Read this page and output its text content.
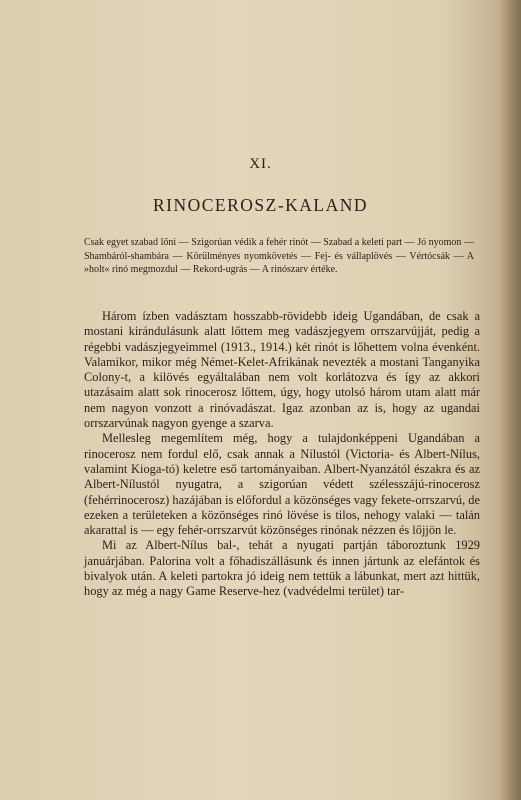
XI.
RINOCEROSZ-KALAND
Csak egyet szabad lőni — Szigorúan védik a fehér rinót — Szabad a keleti part — Jó nyomon — Shambáról-shambára — Körülményes nyomkövetés — Fej- és vállaplövés — Vértócsák — A »holt« rinó megmozdul — Rekord-ugrás — A rinószarv értéke.

Három ízben vadásztam hosszabb-rövidebb ideig Ugandában, de csak a mostani kirándulásunk alatt lőttem meg vadászjegyem orrszarvújját, pedig a régebbi vadászjegyeimmel (1913., 1914.) két rinót is lőhettem volna évenként. Valamikor, mikor még Német-Kelet-Afrikának nevezték a mostani Tanganyika Colony-t, a kilövés egyáltalában nem volt korlátozva és így az akkori utazásaim alatt sok rinocerosz lőttem, úgy, hogy utolsó három utam alatt már nem nagyon vonzott a rinóvadászat. Igaz azonban az is, hogy az ugandai orrszarvúnak nagyon gyenge a szarva.

Mellesleg megemlítem még, hogy a tulajdonképpeni Ugandában a rinocerosz nem fordul elő, csak annak a Nílustól (Victoria- és Albert-Nílus, valamint Kioga-tó) keletre eső tartományaiban. Albert-Nyanzától északra és az Albert-Nílustól nyugatra, a szigorúan védett szélesszájú-rinocerosz (fehérrinocerosz) hazájában is előfordul a közönséges vagy fekete-orrszarvú, de ezeken a területeken a közönséges rinó lövése is tilos, nehogy valaki — talán akarattal is — egy fehér-orrszarvút közönséges rinónak nézzen és lőjjön le.

Mi az Albert-Nílus bal-, tehát a nyugati partján táboroztunk 1929 januárjában. Palorina volt a főhadiszállásunk és innen jártunk az elefántok és bivalyok után. A keleti partokra jó ideig nem tettük a lábunkat, mert azt hittük, hogy az még a nagy Game Reserve-hez (vadvédelmi terület) tar-
